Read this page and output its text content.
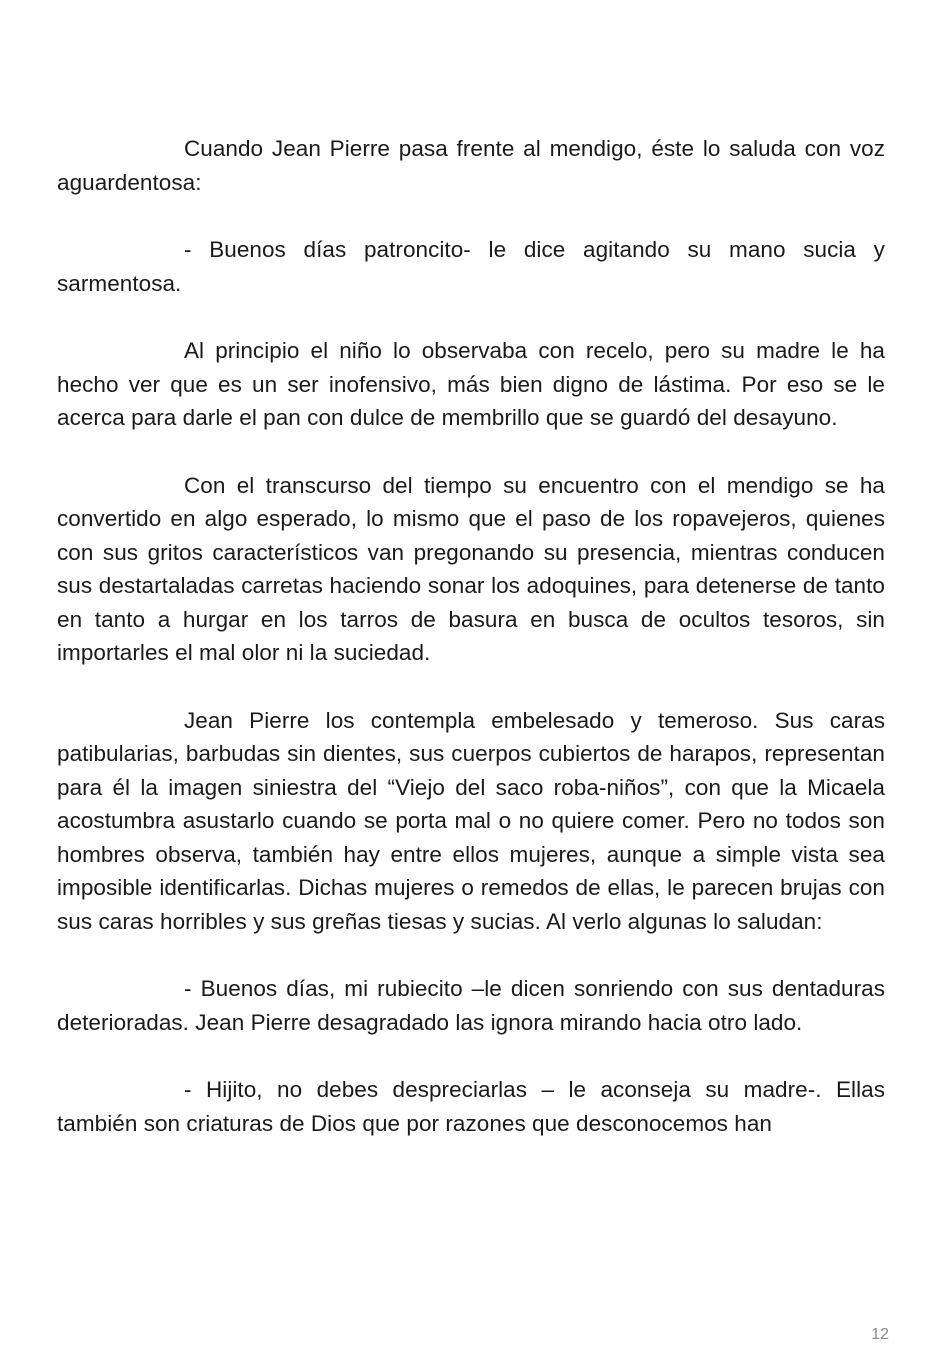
Cuando Jean Pierre pasa frente al mendigo, éste lo saluda con voz aguardentosa:

- Buenos días patroncito- le dice agitando su mano sucia y sarmentosa.

Al principio el niño lo observaba con recelo, pero su madre le ha hecho ver que es un ser inofensivo, más bien digno de lástima. Por eso se le acerca para darle el pan con dulce de membrillo que se guardó del desayuno.

Con el transcurso del tiempo su encuentro con el mendigo se ha convertido en algo esperado, lo mismo que el paso de los ropavejeros, quienes con sus gritos característicos van pregonando su presencia, mientras conducen sus destartaladas carretas haciendo sonar los adoquines, para detenerse de tanto en tanto a hurgar en los tarros de basura en busca de ocultos tesoros, sin importarles el mal olor ni la suciedad.

Jean Pierre los contempla embelesado y temeroso. Sus caras patibularias, barbudas sin dientes, sus cuerpos cubiertos de harapos, representan para él la imagen siniestra del “Viejo del saco roba-niños”, con que la Micaela acostumbra asustarlo cuando se porta mal o no quiere comer. Pero no todos son hombres observa, también hay entre ellos mujeres, aunque a simple vista sea imposible identificarlas. Dichas mujeres o remedos de ellas, le parecen brujas con sus caras horribles y sus greñas tiesas y sucias. Al verlo algunas lo saludan:

- Buenos días, mi rubiecito –le dicen sonriendo con sus dentaduras deterioradas. Jean Pierre desagradado las ignora mirando hacia otro lado.

- Hijito, no debes despreciarlas – le aconseja su madre-. Ellas también son criaturas de Dios que por razones que desconocemos han

12
